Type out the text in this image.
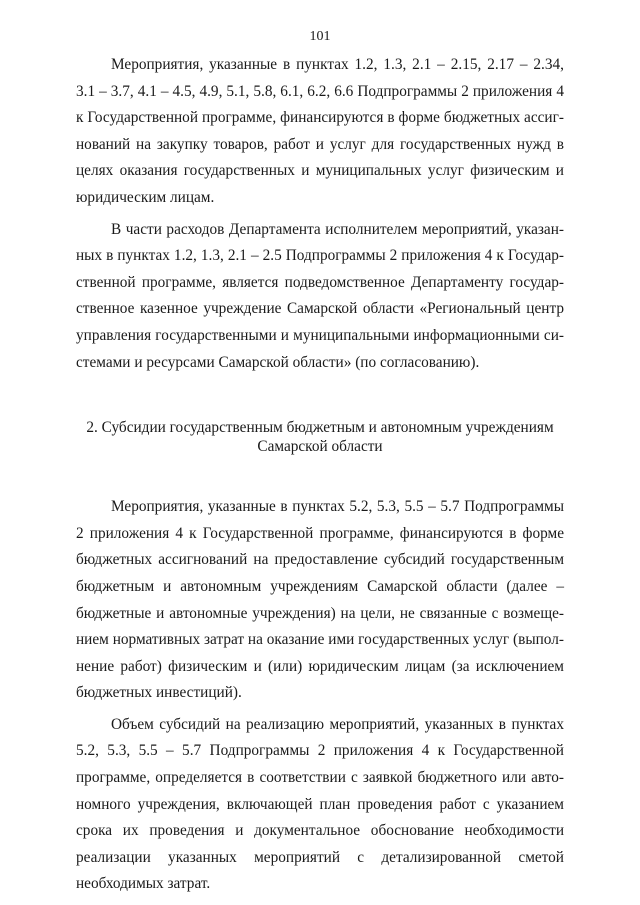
101

Мероприятия, указанные в пунктах 1.2, 1.3, 2.1 – 2.15, 2.17 – 2.34, 3.1 – 3.7, 4.1 – 4.5, 4.9, 5.1, 5.8, 6.1, 6.2, 6.6 Подпрограммы 2 приложения 4 к Государственной программе, финансируются в форме бюджетных ассигнований на закупку товаров, работ и услуг для государственных нужд в целях оказания государственных и муниципальных услуг физическим и юридическим лицам.

В части расходов Департамента исполнителем мероприятий, указанных в пунктах 1.2, 1.3, 2.1 – 2.5 Подпрограммы 2 приложения 4 к Государственной программе, является подведомственное Департаменту государственное казенное учреждение Самарской области «Региональный центр управления государственными и муниципальными информационными системами и ресурсами Самарской области» (по согласованию).

2. Субсидии государственным бюджетным и автономным учреждениям
Самарской области

Мероприятия, указанные в пунктах 5.2, 5.3, 5.5 – 5.7 Подпрограммы 2 приложения 4 к Государственной программе, финансируются в форме бюджетных ассигнований на предоставление субсидий государственным бюджетным и автономным учреждениям Самарской области (далее – бюджетные и автономные учреждения) на цели, не связанные с возмещением нормативных затрат на оказание ими государственных услуг (выполнение работ) физическим и (или) юридическим лицам (за исключением бюджетных инвестиций).

Объем субсидий на реализацию мероприятий, указанных в пунктах 5.2, 5.3, 5.5 – 5.7 Подпрограммы 2 приложения 4 к Государственной программе, определяется в соответствии с заявкой бюджетного или автономного учреждения, включающей план проведения работ с указанием срока их проведения и документальное обоснование необходимости реализации указанных мероприятий с детализированной сметой необходимых затрат.
